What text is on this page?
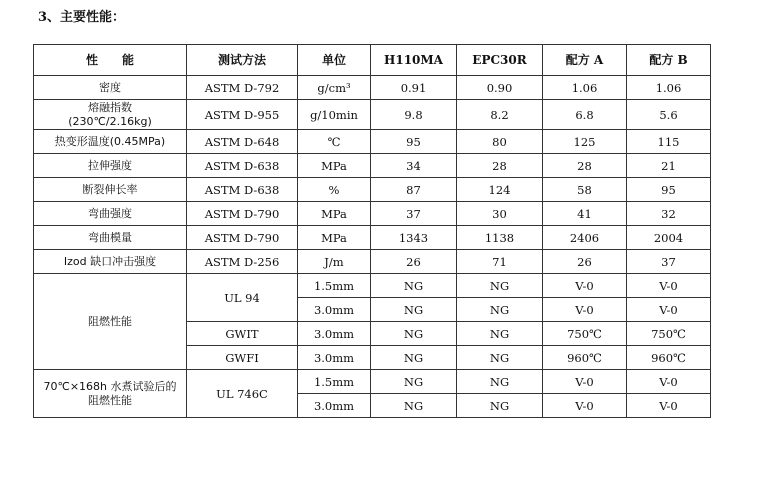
3、主要性能：
性　　能	测试方法	单位	H110MA	EPC30R	配方 A	配方 B

密度	ASTM D-792	g/cm³	0.91	0.90	1.06	1.06

熔融指数
(230℃/2.16kg)	ASTM D-955	g/10min	9.8	8.2	6.8	5.6

热变形温度(0.45MPa)	ASTM D-648	℃	95	80	125	115

拉伸强度	ASTM D-638	MPa	34	28	28	21

断裂伸长率	ASTM D-638	%	87	124	58	95

弯曲强度	ASTM D-790	MPa	37	30	41	32

弯曲模量	ASTM D-790	MPa	1343	1138	2406	2004

Izod 缺口冲击强度	ASTM D-256	J/m	26	71	26	37
阻燃性能	UL 94	1.5mm	NG	NG	V-0	V-0
		3.0mm	NG	NG	V-0	V-0
	GWIT	3.0mm	NG	NG	750℃	750℃
	GWFI	3.0mm	NG	NG	960℃	960℃

70℃×168h 水煮试验后的
阻燃性能	UL 746C	1.5mm	NG	NG	V-0	V-0
		3.0mm	NG	NG	V-0	V-0
